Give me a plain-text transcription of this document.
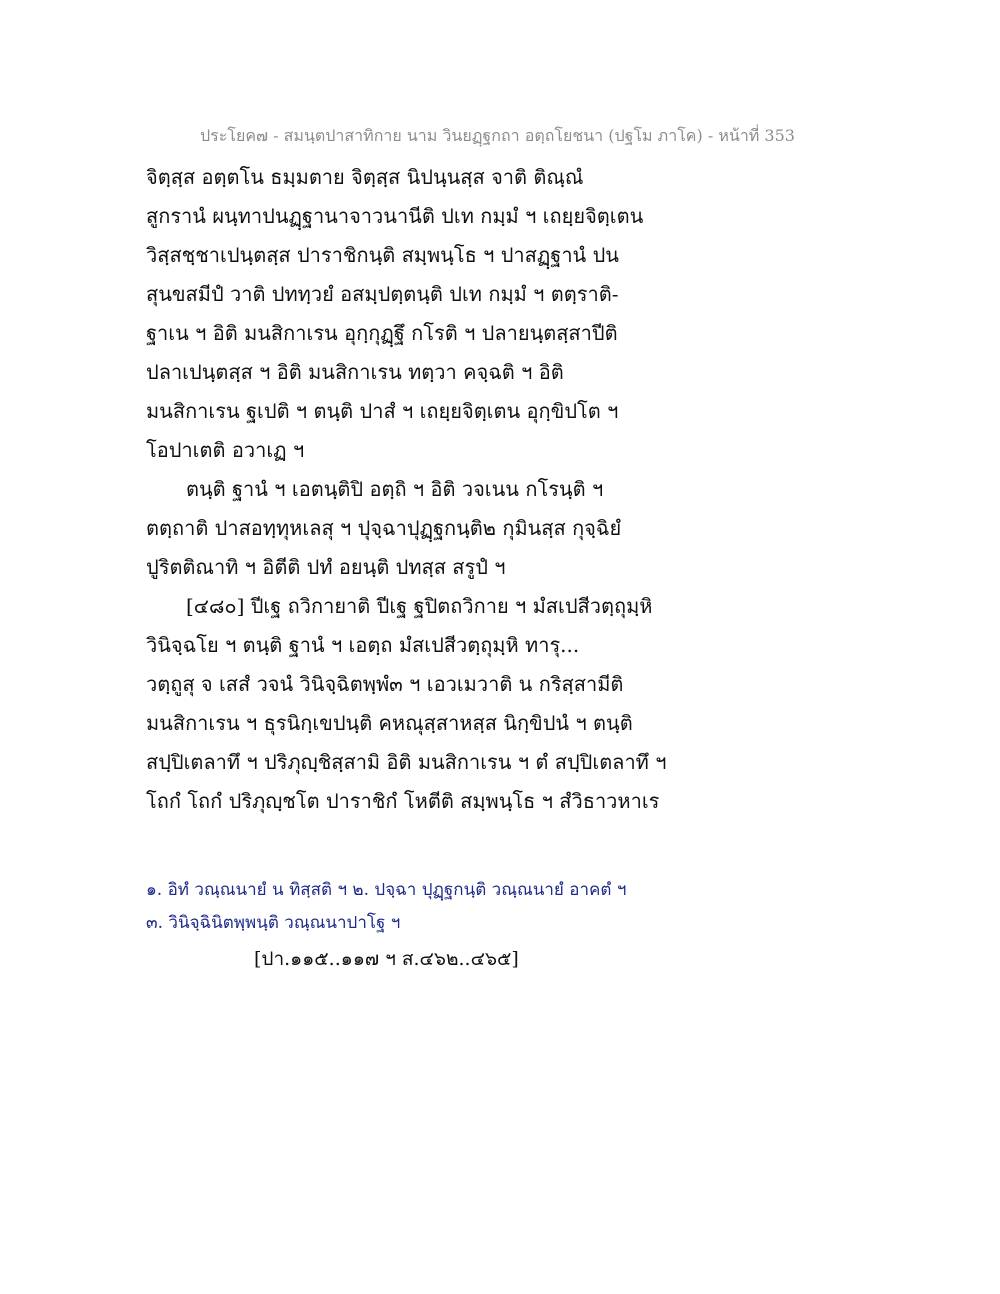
ประโยค๗ - สมนฺตปาสาทิกาย นาม วินยฏฺฐกถา อตฺถโยชนา (ปฐโม ภาโค) - หน้าที่ 353
จิตฺสฺส อตฺตโน ธมฺมตาย จิตฺสฺส นิปนฺนสฺส จาติ ติณฺณํ
สูกรานํ ผนฺทาปนฏฺฐานาจาวนานีติ ปเท กมฺมํ ฯ เถยฺยจิตฺเตน
วิสฺสชฺชาเปนฺตสฺส ปาราชิกนฺติ สมฺพนฺโธ ฯ ปาสฏฺฐานํ ปน
สุนขสมีปํ วาติ ปททฺวยํ อสมฺปตฺตนฺติ ปเท กมฺมํ ฯ ตตฺราติ-
ฐาเน ฯ อิติ มนสิกาเรน อุกฺกุฏฺฐึ กโรติ ฯ ปลายนฺตสฺสาปีติ
ปลาเปนฺตสฺส ฯ อิติ มนสิกาเรน ทตฺวา คจฺฉติ ฯ อิติ
มนสิกาเรน ฐเปติ ฯ ตนฺติ ปาสํ ฯ เถยฺยจิตฺเตน อุกฺขิปโต ฯ
โอปาเตติ อวาเฏ ฯ
ตนฺติ ฐานํ ฯ เอตนฺติปิ อตฺถิ ฯ อิติ วจเนน กโรนฺติ ฯ
ตตฺถาติ ปาสอทฺทุหเลสุ ฯ ปุจฺฉาปุฏฺฐกนฺติ๒ กุมินสฺส กุจฺฉิยํ
ปูริตติณาทิ ฯ อิตีติ ปทํ อยนฺติ ปทสฺส สรูปํ ฯ
[๔๘๐] ปีเฐ ถวิกายาติ ปีเฐ ฐปิตถวิกาย ฯ มํสเปสีวตฺถุมฺหิ
วินิจฺฉโย ฯ ตนฺติ ฐานํ ฯ เอตฺถ มํสเปสีวตฺถุมฺหิ ทารุ...
วตฺถูสุ จ เสสํ วจนํ วินิจฺฉิตพฺพํ๓ ฯ เอวเมวาติ น กริสฺสามีติ
มนสิกาเรน ฯ ธุรนิกฺเขปนฺติ คหณุสฺสาหสฺส นิกฺขิปนํ ฯ ตนฺติ
สปฺปิเตลาทึ ฯ ปริภุญฺชิสฺสามิ อิติ มนสิกาเรน ฯ ตํ สปฺปิเตลาทึ ฯ
โถกํ โถกํ ปริภุญฺชโต ปาราชิกํ โหตีติ สมฺพนฺโธ ฯ สํวิธาวหาเร
๑. อิทํ วณฺณนายํ น ทิสฺสติ ฯ ๒. ปจฺฉา ปุฏฺฐกนฺติ วณฺณนายํ อาคตํ ฯ
๓. วินิจฺฉินิตพฺพนฺติ วณฺณนาปาโฐ ฯ
[ปา.๑๑๕..๑๑๗ ฯ ส.๔๖๒..๔๖๕]
